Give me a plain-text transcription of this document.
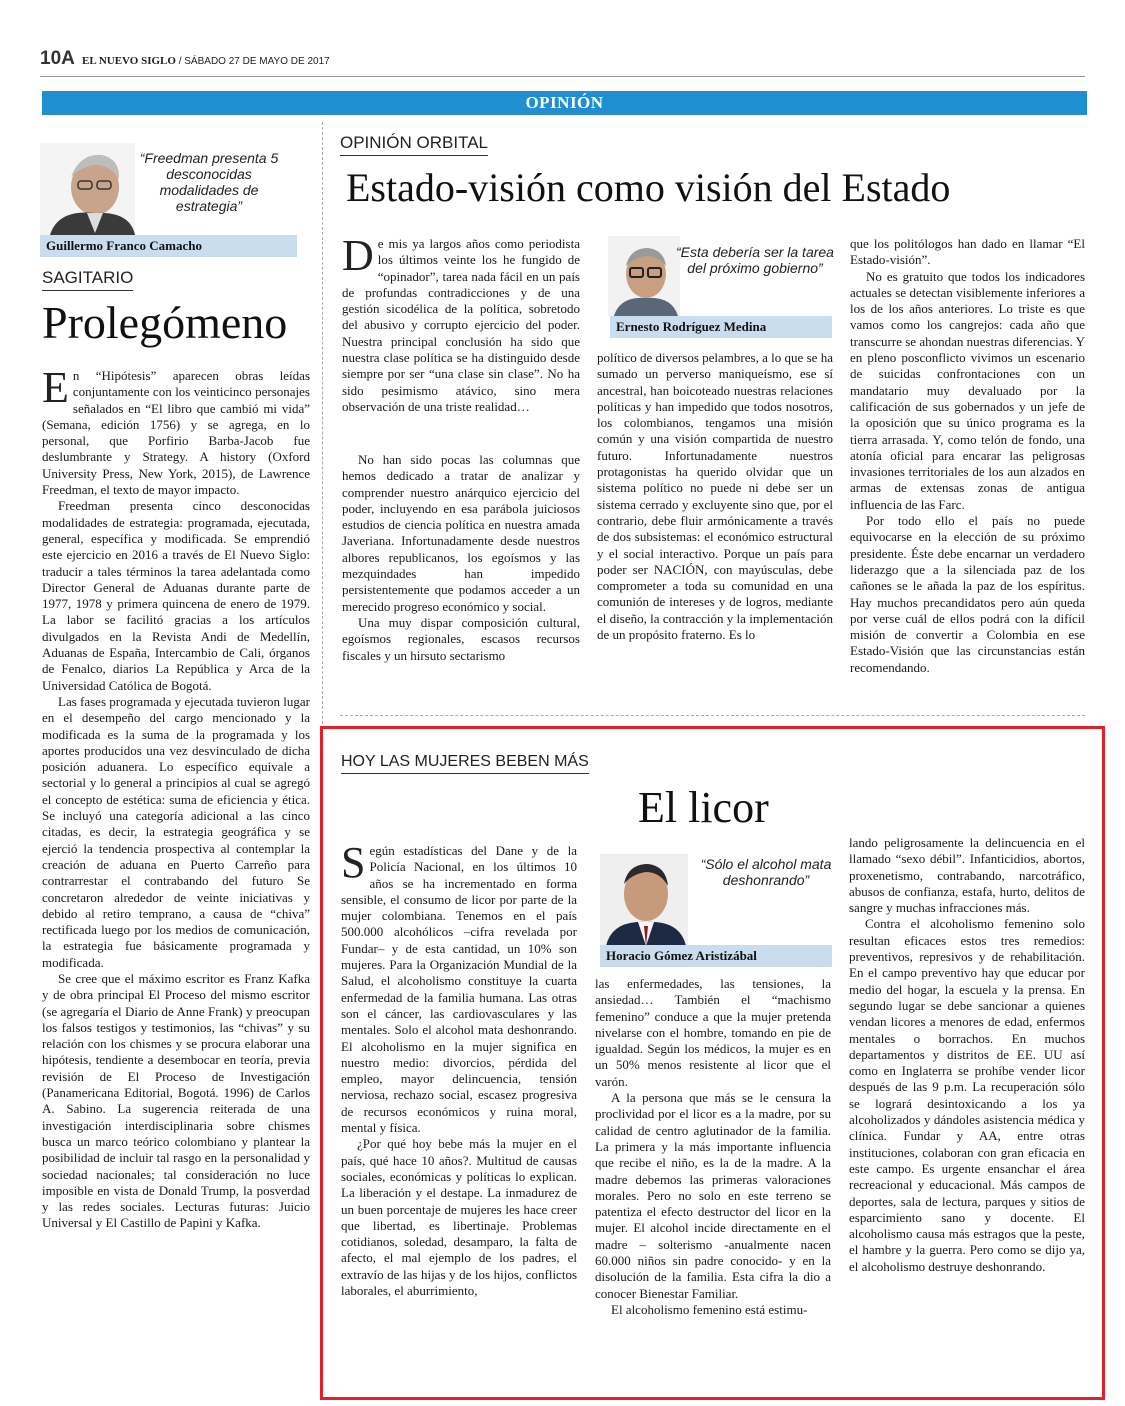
10A EL NUEVO SIGLO / SÁBADO 27 DE MAYO DE 2017
OPINIÓN
“Freedman presenta 5 desconocidas modalidades de estrategia”
Guillermo Franco Camacho
SAGITARIO
Prolegómeno

En “Hipótesis” aparecen obras leídas conjuntamente con los veinticinco personajes señalados en “El libro que cambió mi vida” (Semana, edición 1756) y se agrega, en lo personal, que Porfirio Barba-Jacob fue deslumbrante y Strategy. A history (Oxford University Press, New York, 2015), de Lawrence Freedman, el texto de mayor impacto.

Freedman presenta cinco desconocidas modalidades de estrategia: programada, ejecutada, general, específica y modificada. Se emprendió este ejercicio en 2016 a través de El Nuevo Siglo: traducir a tales términos la tarea adelantada como Director General de Aduanas durante parte de 1977, 1978 y primera quincena de enero de 1979. La labor se facilitó gracias a los artículos divulgados en la Revista Andi de Medellín, Aduanas de España, Intercambio de Cali, órganos de Fenalco, diarios La República y Arca de la Universidad Católica de Bogotá.

Las fases programada y ejecutada tuvieron lugar en el desempeño del cargo mencionado y la modificada es la suma de la programada y los aportes producidos una vez desvinculado de dicha posición aduanera. Lo específico equivale a sectorial y lo general a principios al cual se agregó el concepto de estética: suma de eficiencia y ética. Se incluyó una categoría adicional a las cinco citadas, es decir, la estrategia geográfica y se ejerció la tendencia prospectiva al contemplar la creación de aduana en Puerto Carreño para contrarrestar el contrabando del futuro Se concretaron alrededor de veinte iniciativas y debido al retiro temprano, a causa de “chiva” rectificada luego por los medios de comunicación, la estrategia fue básicamente programada y modificada.

Se cree que el máximo escritor es Franz Kafka y de obra principal El Proceso del mismo escritor (se agregaría el Diario de Anne Frank) y preocupan los falsos testigos y testimonios, las “chivas” y su relación con los chismes y se procura elaborar una hipótesis, tendiente a desembocar en teoría, previa revisión de El Proceso de Investigación (Panamericana Editorial, Bogotá. 1996) de Carlos A. Sabino. La sugerencia reiterada de una investigación interdisciplinaria sobre chismes busca un marco teórico colombiano y plantear la posibilidad de incluir tal rasgo en la personalidad y sociedad nacionales; tal consideración no luce imposible en vista de Donald Trump, la posverdad y las redes sociales. Lecturas futuras: Juicio Universal y El Castillo de Papini y Kafka.

OPINIÓN ORBITAL
Estado-visión como visión del Estado

De mis ya largos años como periodista los últimos veinte los he fungido de “opinador”, tarea nada fácil en un país de profundas contradicciones y de una gestión sicodélica de la política, sobretodo del abusivo y corrupto ejercicio del poder. Nuestra principal conclusión ha sido que nuestra clase política se ha distinguido desde siempre por ser “una clase sin clase”. No ha sido pesimismo atávico, sino mera observación de una triste realidad…

No han sido pocas las columnas que hemos dedicado a tratar de analizar y comprender nuestro anárquico ejercicio del poder, incluyendo en esa parábola juiciosos estudios de ciencia política en nuestra amada Javeriana. Infortunadamente desde nuestros albores republicanos, los egoísmos y las mezquindades han impedido persistentemente que podamos acceder a un merecido progreso económico y social.

Una muy dispar composición cultural, egoísmos regionales, escasos recursos fiscales y un hirsuto sectarismo

“Esta debería ser la tarea del próximo gobierno”
Ernesto Rodríguez Medina

político de diversos pelambres, a lo que se ha sumado un perverso maniqueísmo, ese sí ancestral, han boicoteado nuestras relaciones políticas y han impedido que todos nosotros, los colombianos, tengamos una misión común y una visión compartida de nuestro futuro. Infortunadamente nuestros protagonistas ha querido olvidar que un sistema político no puede ni debe ser un sistema cerrado y excluyente sino que, por el contrario, debe fluir armónicamente a través de dos subsistemas: el económico estructural y el social interactivo. Porque un país para poder ser NACIÓN, con mayúsculas, debe comprometer a toda su comunidad en una comunión de intereses y de logros, mediante el diseño, la contracción y la implementación de un propósito fraterno. Es lo

que los politólogos han dado en llamar “El Estado-visión”.

No es gratuito que todos los indicadores actuales se detectan visiblemente inferiores a los de los años anteriores. Lo triste es que vamos como los cangrejos: cada año que transcurre se ahondan nuestras diferencias. Y en pleno posconflicto vivimos un escenario de suicidas confrontaciones con un mandatario muy devaluado por la calificación de sus gobernados y un jefe de la oposición que su único programa es la tierra arrasada. Y, como telón de fondo, una atonía oficial para encarar las peligrosas invasiones territoriales de los aun alzados en armas de extensas zonas de antigua influencia de las Farc.

Por todo ello el país no puede equivocarse en la elección de su próximo presidente. Éste debe encarnar un verdadero liderazgo que a la silenciada paz de los cañones se le añada la paz de los espíritus. Hay muchos precandidatos pero aún queda por verse cuál de ellos podrá con la difícil misión de convertir a Colombia en ese Estado-Visión que las circunstancias están recomendando.

HOY LAS MUJERES BEBEN MÁS
El licor

Según estadísticas del Dane y de la Policía Nacional, en los últimos 10 años se ha incrementado en forma sensible, el consumo de licor por parte de la mujer colombiana. Tenemos en el país 500.000 alcohólicos –cifra revelada por Fundar– y de esta cantidad, un 10% son mujeres. Para la Organización Mundial de la Salud, el alcoholismo constituye la cuarta enfermedad de la familia humana. Las otras son el cáncer, las cardiovasculares y las mentales. Solo el alcohol mata deshonrando. El alcoholismo en la mujer significa en nuestro medio: divorcios, pérdida del empleo, mayor delincuencia, tensión nerviosa, rechazo social, escasez progresiva de recursos económicos y ruina moral, mental y física.

¿Por qué hoy bebe más la mujer en el país, qué hace 10 años?. Multitud de causas sociales, económicas y políticas lo explican. La liberación y el destape. La inmadurez de un buen porcentaje de mujeres les hace creer que libertad, es libertinaje. Problemas cotidianos, soledad, desamparo, la falta de afecto, el mal ejemplo de los padres, el extravío de las hijas y de los hijos, conflictos laborales, el aburrimiento,

“Sólo el alcohol mata deshonrando”
Horacio Gómez Aristizábal

las enfermedades, las tensiones, la ansiedad… También el “machismo femenino” conduce a que la mujer pretenda nivelarse con el hombre, tomando en pie de igualdad. Según los médicos, la mujer es en un 50% menos resistente al licor que el varón.

A la persona que más se le censura la proclividad por el licor es a la madre, por su calidad de centro aglutinador de la familia. La primera y la más importante influencia que recibe el niño, es la de la madre. A la madre debemos las primeras valoraciones morales. Pero no solo en este terreno se patentiza el efecto destructor del licor en la mujer. El alcohol incide directamente en el madre – solterismo -anualmente nacen 60.000 niños sin padre conocido- y en la disolución de la familia. Esta cifra la dio a conocer Bienestar Familiar.

El alcoholismo femenino está estimu-

lando peligrosamente la delincuencia en el llamado “sexo débil”. Infanticidios, abortos, proxenetismo, contrabando, narcotráfico, abusos de confianza, estafa, hurto, delitos de sangre y muchas infracciones más.

Contra el alcoholismo femenino solo resultan eficaces estos tres remedios: preventivos, represivos y de rehabilitación. En el campo preventivo hay que educar por medio del hogar, la escuela y la prensa. En segundo lugar se debe sancionar a quienes vendan licores a menores de edad, enfermos mentales o borrachos. En muchos departamentos y distritos de EE. UU así como en Inglaterra se prohíbe vender licor después de las 9 p.m. La recuperación sólo se logrará desintoxicando a los ya alcoholizados y dándoles asistencia médica y clínica. Fundar y AA, entre otras instituciones, colaboran con gran eficacia en este campo. Es urgente ensanchar el área recreacional y educacional. Más campos de deportes, sala de lectura, parques y sitios de esparcimiento sano y docente. El alcoholismo causa más estragos que la peste, el hambre y la guerra. Pero como se dijo ya, el alcoholismo destruye deshonrando.
